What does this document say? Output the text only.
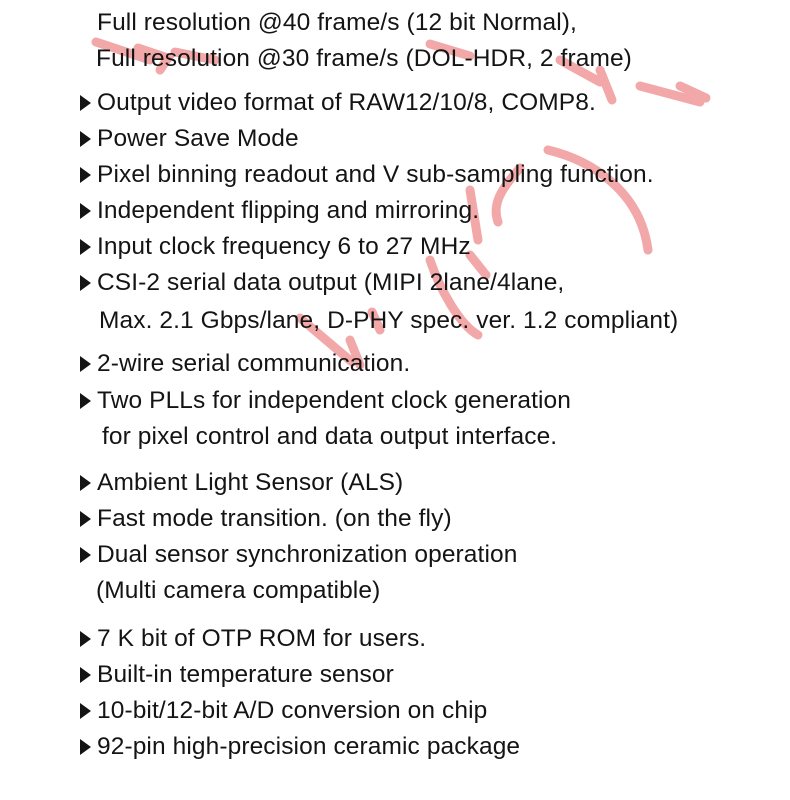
Full resolution @40 frame/s (12 bit Normal),
Full resolution @30 frame/s (DOL-HDR, 2 frame)
Output video format of RAW12/10/8, COMP8.
Power Save Mode
Pixel binning readout and V sub-sampling function.
Independent flipping and mirroring.
Input clock frequency 6 to 27 MHz
CSI-2 serial data output (MIPI 2lane/4lane,
Max. 2.1 Gbps/lane, D-PHY spec. ver. 1.2 compliant)
2-wire serial communication.
Two PLLs for independent clock generation
for pixel control and data output interface.
Ambient Light Sensor (ALS)
Fast mode transition. (on the fly)
Dual sensor synchronization operation
(Multi camera compatible)
7 K bit of OTP ROM for users.
Built-in temperature sensor
10-bit/12-bit A/D conversion on chip
92-pin high-precision ceramic package
